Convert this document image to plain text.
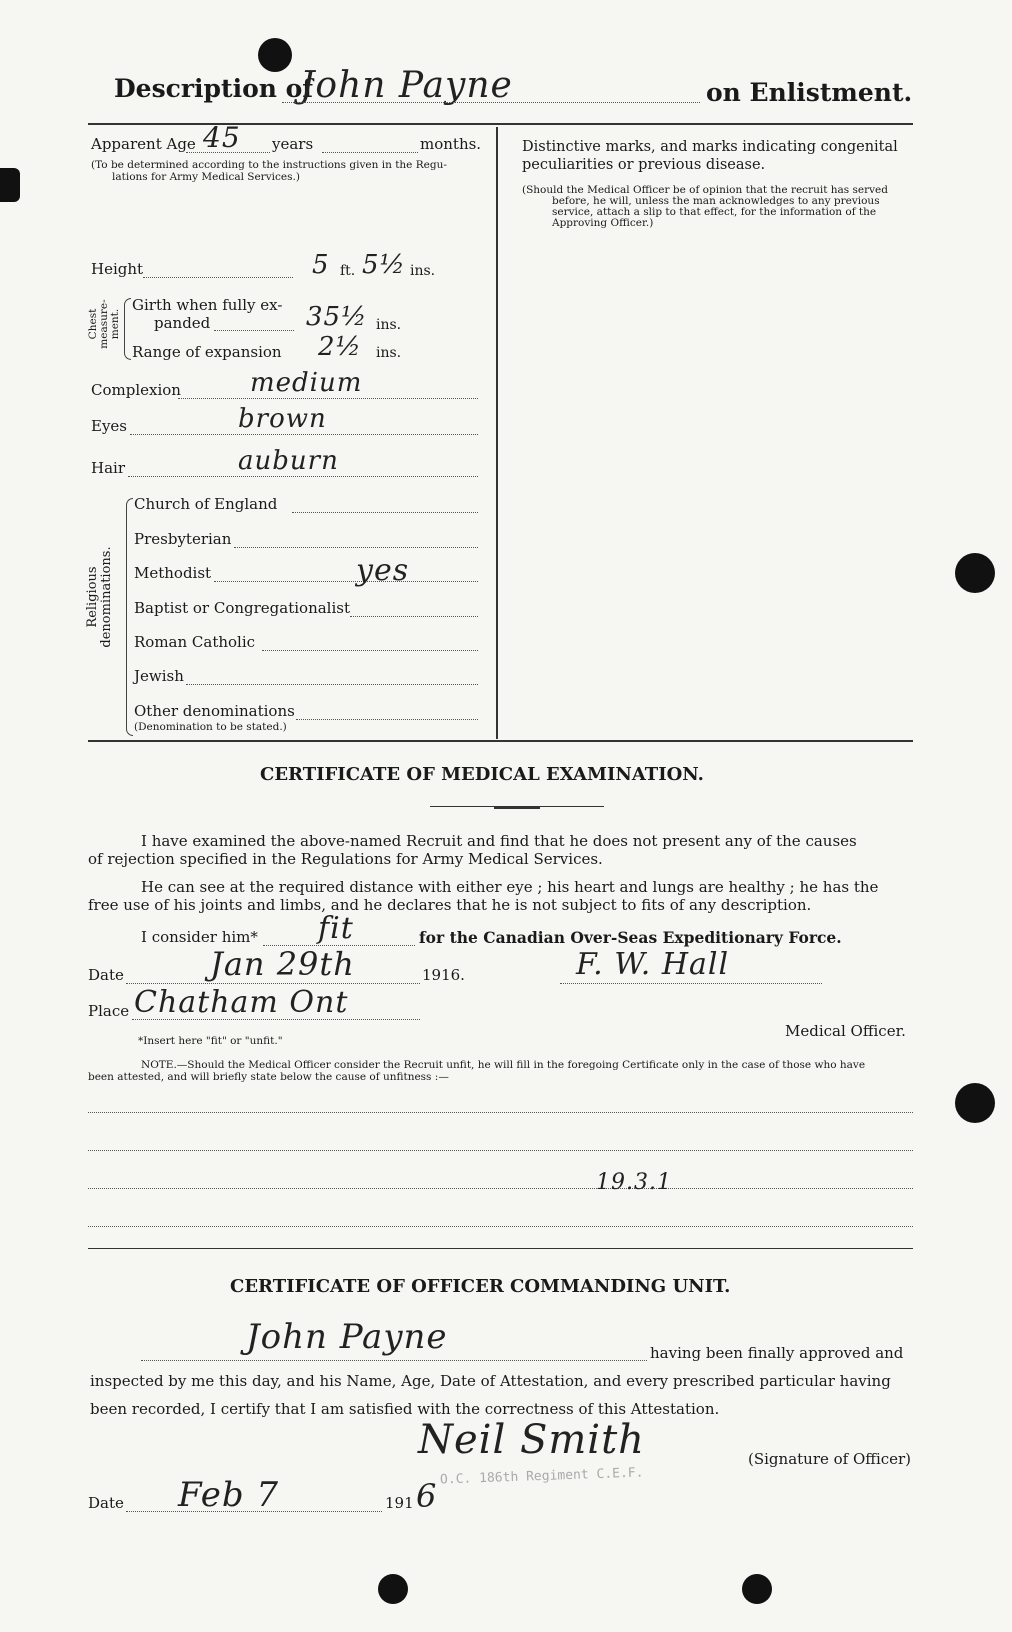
Description of
John Payne	on Enlistment.
Apparent Age 45 years	months.
(To be determined according to the instructions given in the Regu-
lations for Army Medical Services.)
Height	5 ft. 5½ ins.
Chest measure- ment.
Girth when fully ex-
panded	35½ ins.
Range of expansion 2½ ins.
Complexion	medium
Eyes	brown
Hair	auburn
Religious
denominations.
Church of England
Presbyterian
Methodist	yes
Baptist or Congregationalist
Roman Catholic
Jewish
Other denominations
(Denomination to be stated.)
Distinctive marks, and marks indicating congenital
peculiarities or previous disease.
(Should the Medical Officer be of opinion that the recruit has served
before, he will, unless the man acknowledges to any previous
service, attach a slip to that effect, for the information of the
Approving Officer.)
CERTIFICATE OF MEDICAL EXAMINATION.
I have examined the above-named Recruit and find that he does not present any of the causes
of rejection specified in the Regulations for Army Medical Services.
He can see at the required distance with either eye ; his heart and lungs are healthy ; he has the
free use of his joints and limbs, and he declares that he is not subject to fits of any description.
I consider him* fit	for the Canadian Over-Seas Expeditionary Force.
Date	Jan 29th	1916.	F. W. Hall
Place Chatham Ont
Medical Officer.
*Insert here "fit" or "unfit."
NOTE.—Should the Medical Officer consider the Recruit unfit, he will fill in the foregoing Certificate only in the case of those who have
been attested, and will briefly state below the cause of unfitness :—
19.3.1
CERTIFICATE OF OFFICER COMMANDING UNIT.
John Payne	having been finally approved and
inspected by me this day, and his Name, Age, Date of Attestation, and every prescribed particular having
been recorded, I certify that I am satisfied with the correctness of this Attestation.
Neil Smith
O.C. 186th Regiment C.E.F.
(Signature of Officer)
Date Feb 7	191 6
